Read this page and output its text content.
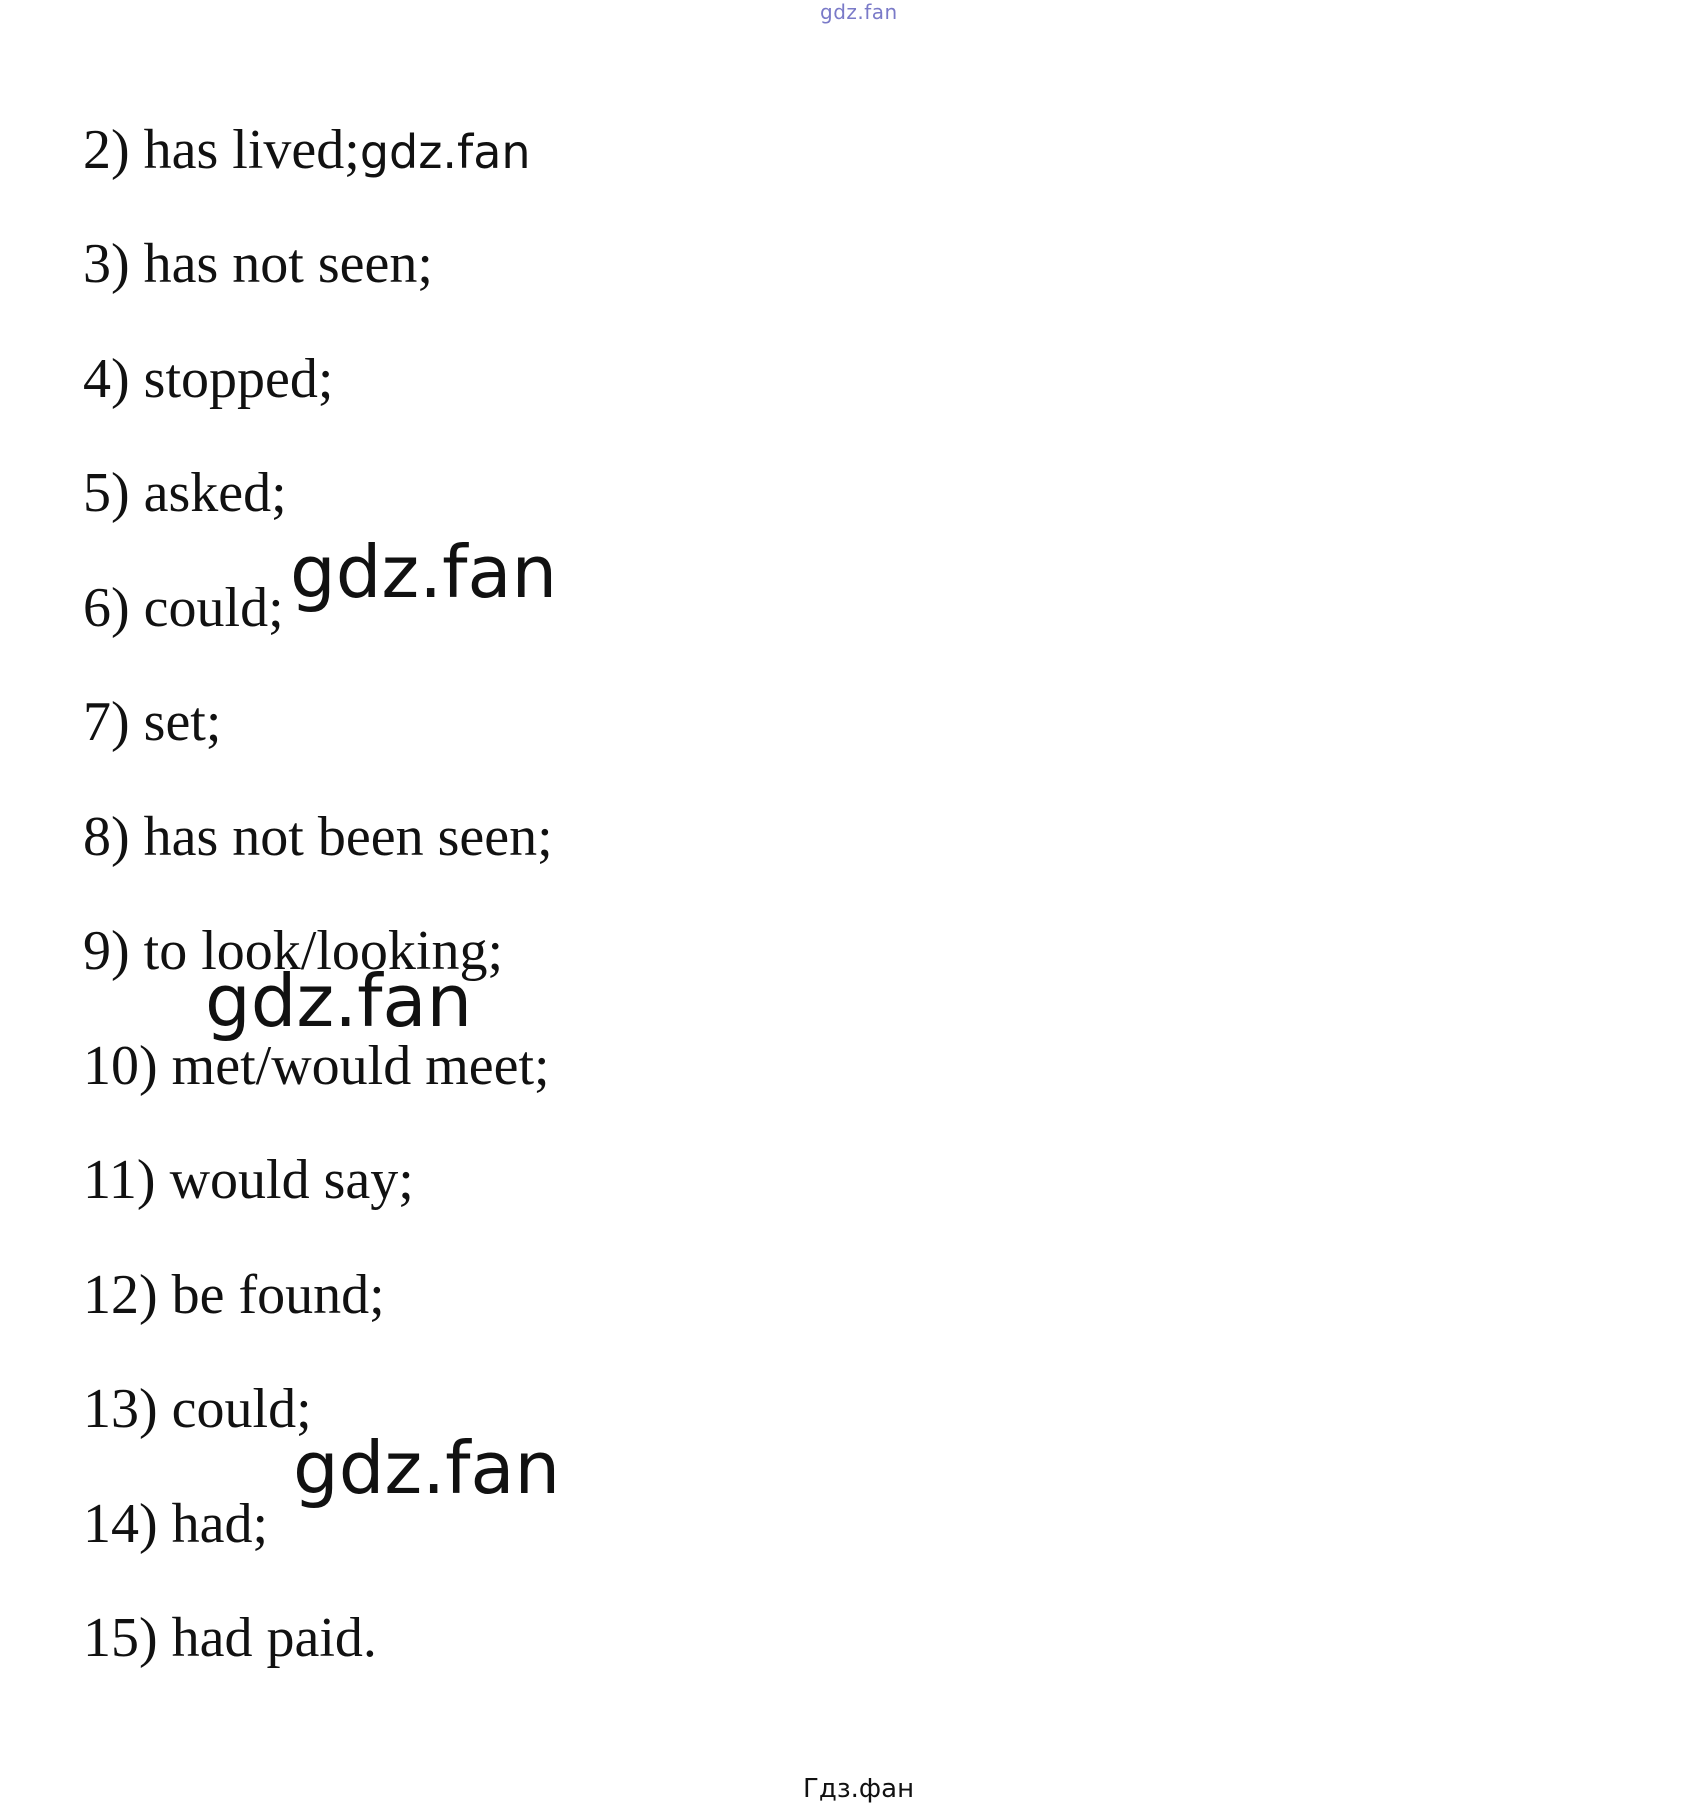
gdz.fan
2) has lived;gdz.fan
3) has not seen;
4) stopped;
5) asked;
6) could;
7) set;
8) has not been seen;
9) to look/looking;
10) met/would meet;
11) would say;
12) be found;
13) could;
14) had;
15) had paid.
gdz.fan
gdz.fan
gdz.fan
Гдз.фан
